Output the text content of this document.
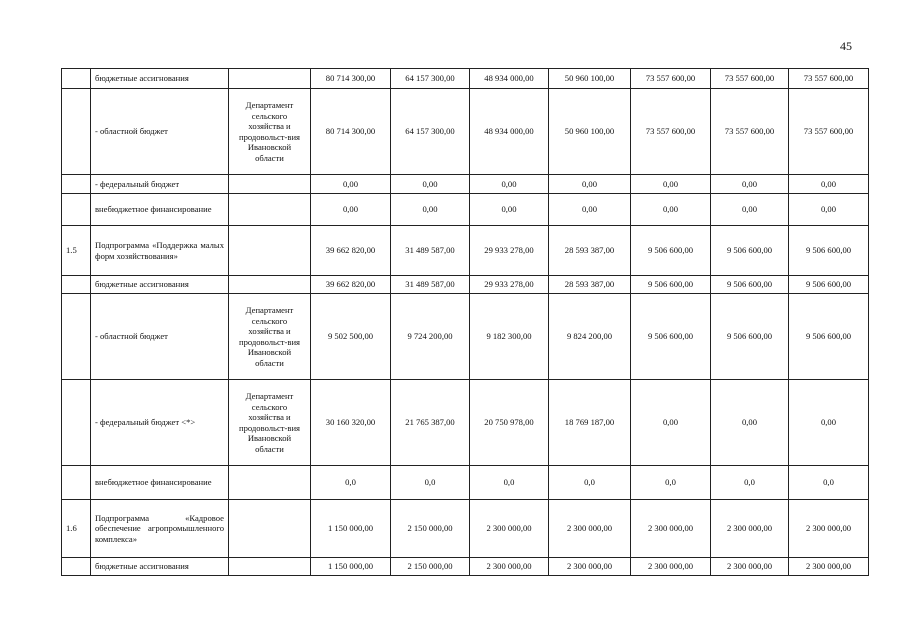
45
	бюджетные ассигнования		80 714 300,00	64 157 300,00	48 934 000,00	50 960 100,00	73 557 600,00	73 557 600,00	73 557 600,00
	- областной бюджет	Департамент сельского хозяйства и продовольст-вия Ивановской области	80 714 300,00	64 157 300,00	48 934 000,00	50 960 100,00	73 557 600,00	73 557 600,00	73 557 600,00
	- федеральный бюджет		0,00	0,00	0,00	0,00	0,00	0,00	0,00
	внебюджетное финансирование		0,00	0,00	0,00	0,00	0,00	0,00	0,00
1.5	Подпрограмма «Поддержка малых форм хозяйствования»		39 662 820,00	31 489 587,00	29 933 278,00	28 593 387,00	9 506 600,00	9 506 600,00	9 506 600,00
	бюджетные ассигнования		39 662 820,00	31 489 587,00	29 933 278,00	28 593 387,00	9 506 600,00	9 506 600,00	9 506 600,00
	- областной бюджет	Департамент сельского хозяйства и продовольст-вия Ивановской области	9 502 500,00	9 724 200,00	9 182 300,00	9 824 200,00	9 506 600,00	9 506 600,00	9 506 600,00
	- федеральный бюджет <*>	Департамент сельского хозяйства и продовольст-вия Ивановской области	30 160 320,00	21 765 387,00	20 750 978,00	18 769 187,00	0,00	0,00	0,00
	внебюджетное финансирование		0,0	0,0	0,0	0,0	0,0	0,0	0,0
1.6	Подпрограмма «Кадровое обеспечение агропромышленного комплекса»		1 150 000,00	2 150 000,00	2 300 000,00	2 300 000,00	2 300 000,00	2 300 000,00	2 300 000,00
	бюджетные ассигнования		1 150 000,00	2 150 000,00	2 300 000,00	2 300 000,00	2 300 000,00	2 300 000,00	2 300 000,00
